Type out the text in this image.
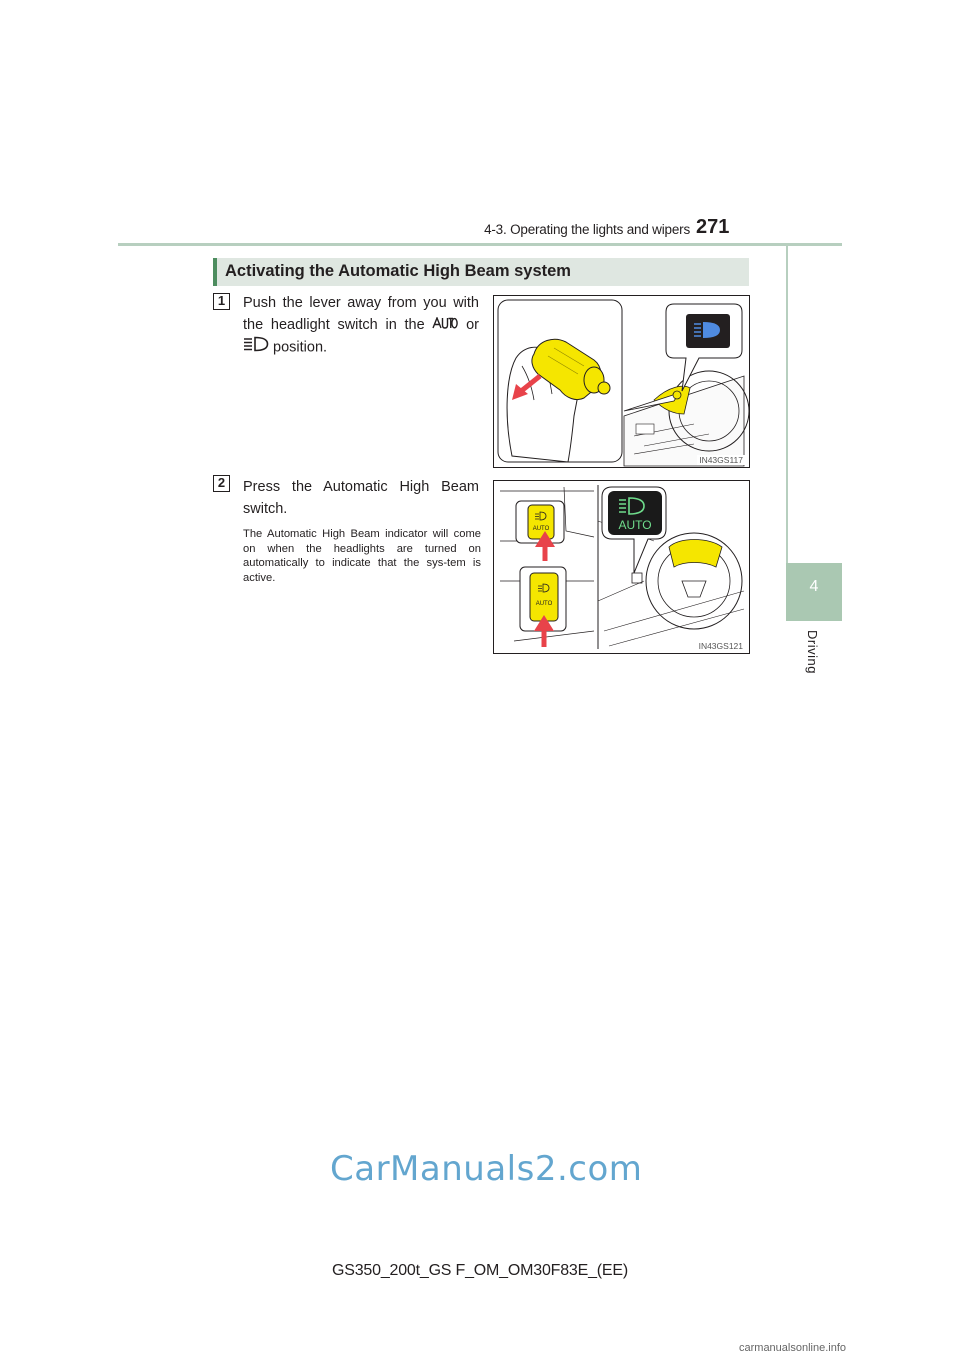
4-3. Operating the lights and wipers 271
4
Driving
Activating the Automatic High Beam system
1	Push the lever away from you with the headlight switch in the	or  position.
IN43GS117
2	Press the Automatic High Beam switch.
The Automatic High Beam indicator will come on when the headlights are turned on automatically to indicate that the sys-tem is active.
AUTO
AUTO
AUTO
IN43GS121
GS350_200t_GS F_OM_OM30F83E_(EE)
CarManuals2.com
carmanualsonline.info
